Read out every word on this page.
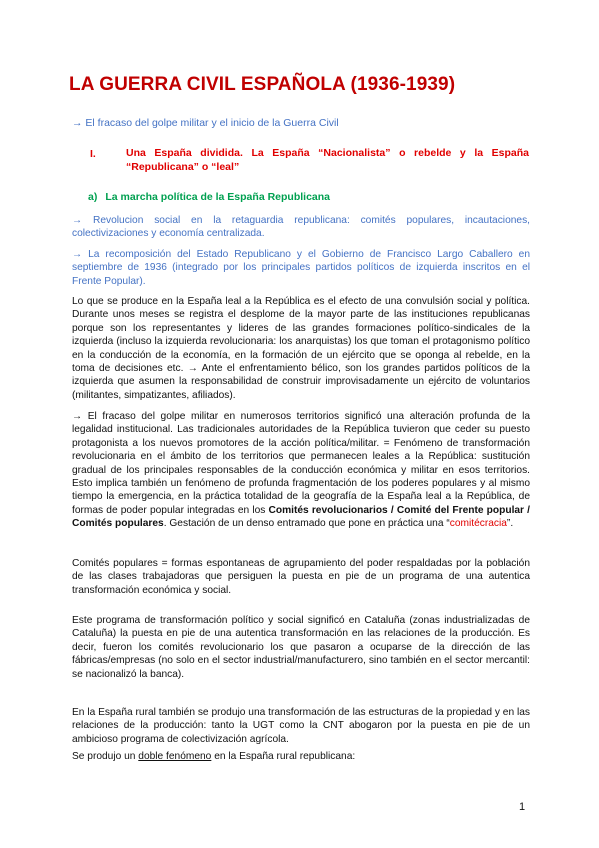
LA GUERRA CIVIL ESPAÑOLA (1936-1939)
→ El fracaso del golpe militar y el inicio de la Guerra Civil
I.	Una España dividida. La España “Nacionalista” o rebelde y la España “Republicana” o “leal”
a) La marcha política de la España Republicana
→ Revolucion social en la retaguardia republicana: comités populares, incautaciones, colectivizaciones y economía centralizada.
→ La recomposición del Estado Republicano y el Gobierno de Francisco Largo Caballero en septiembre de 1936 (integrado por los principales partidos políticos de izquierda inscritos en el Frente Popular).
Lo que se produce en la España leal a la República es el efecto de una convulsión social y política. Durante unos meses se registra el desplome de la mayor parte de las instituciones republicanas porque son los representantes y lideres de las grandes formaciones político-sindicales de la izquierda (incluso la izquierda revolucionaria: los anarquistas) los que toman el protagonismo político en la conducción de la economía, en la formación de un ejército que se oponga al rebelde, en la toma de decisiones etc. → Ante el enfrentamiento bélico, son los grandes partidos políticos de la izquierda que asumen la responsabilidad de construir improvisadamente un ejército de voluntarios (militantes, simpatizantes, afiliados).
→ El fracaso del golpe militar en numerosos territorios significó una alteración profunda de la legalidad institucional. Las tradicionales autoridades de la República tuvieron que ceder su puesto protagonista a los nuevos promotores de la acción política/militar. = Fenómeno de transformación revolucionaria en el ámbito de los territorios que permanecen leales a la República: sustitución gradual de los principales responsables de la conducción económica y militar en esos territorios. Esto implica también un fenómeno de profunda fragmentación de los poderes populares y al mismo tiempo la emergencia, en la práctica totalidad de la geografía de la España leal a la República, de formas de poder popular integradas en los Comités revolucionarios / Comité del Frente popular / Comités populares. Gestación de un denso entramado que pone en práctica una “comitécracia”.
Comités populares = formas espontaneas de agrupamiento del poder respaldadas por la población de las clases trabajadoras que persiguen la puesta en pie de un programa de una autentica transformación económica y social.
Este programa de transformación político y social significó en Cataluña (zonas industrializadas de Cataluña) la puesta en pie de una autentica transformación en las relaciones de la producción. Es decir, fueron los comités revolucionario los que pasaron a ocuparse de la dirección de las fábricas/empresas (no solo en el sector industrial/manufacturero, sino también en el sector mercantil: se nacionalizó la banca).
En la España rural también se produjo una transformación de las estructuras de la propiedad y en las relaciones de la producción: tanto la UGT como la CNT abogaron por la puesta en pie de un ambicioso programa de colectivización agrícola.
Se produjo un doble fenómeno en la España rural republicana:
1
